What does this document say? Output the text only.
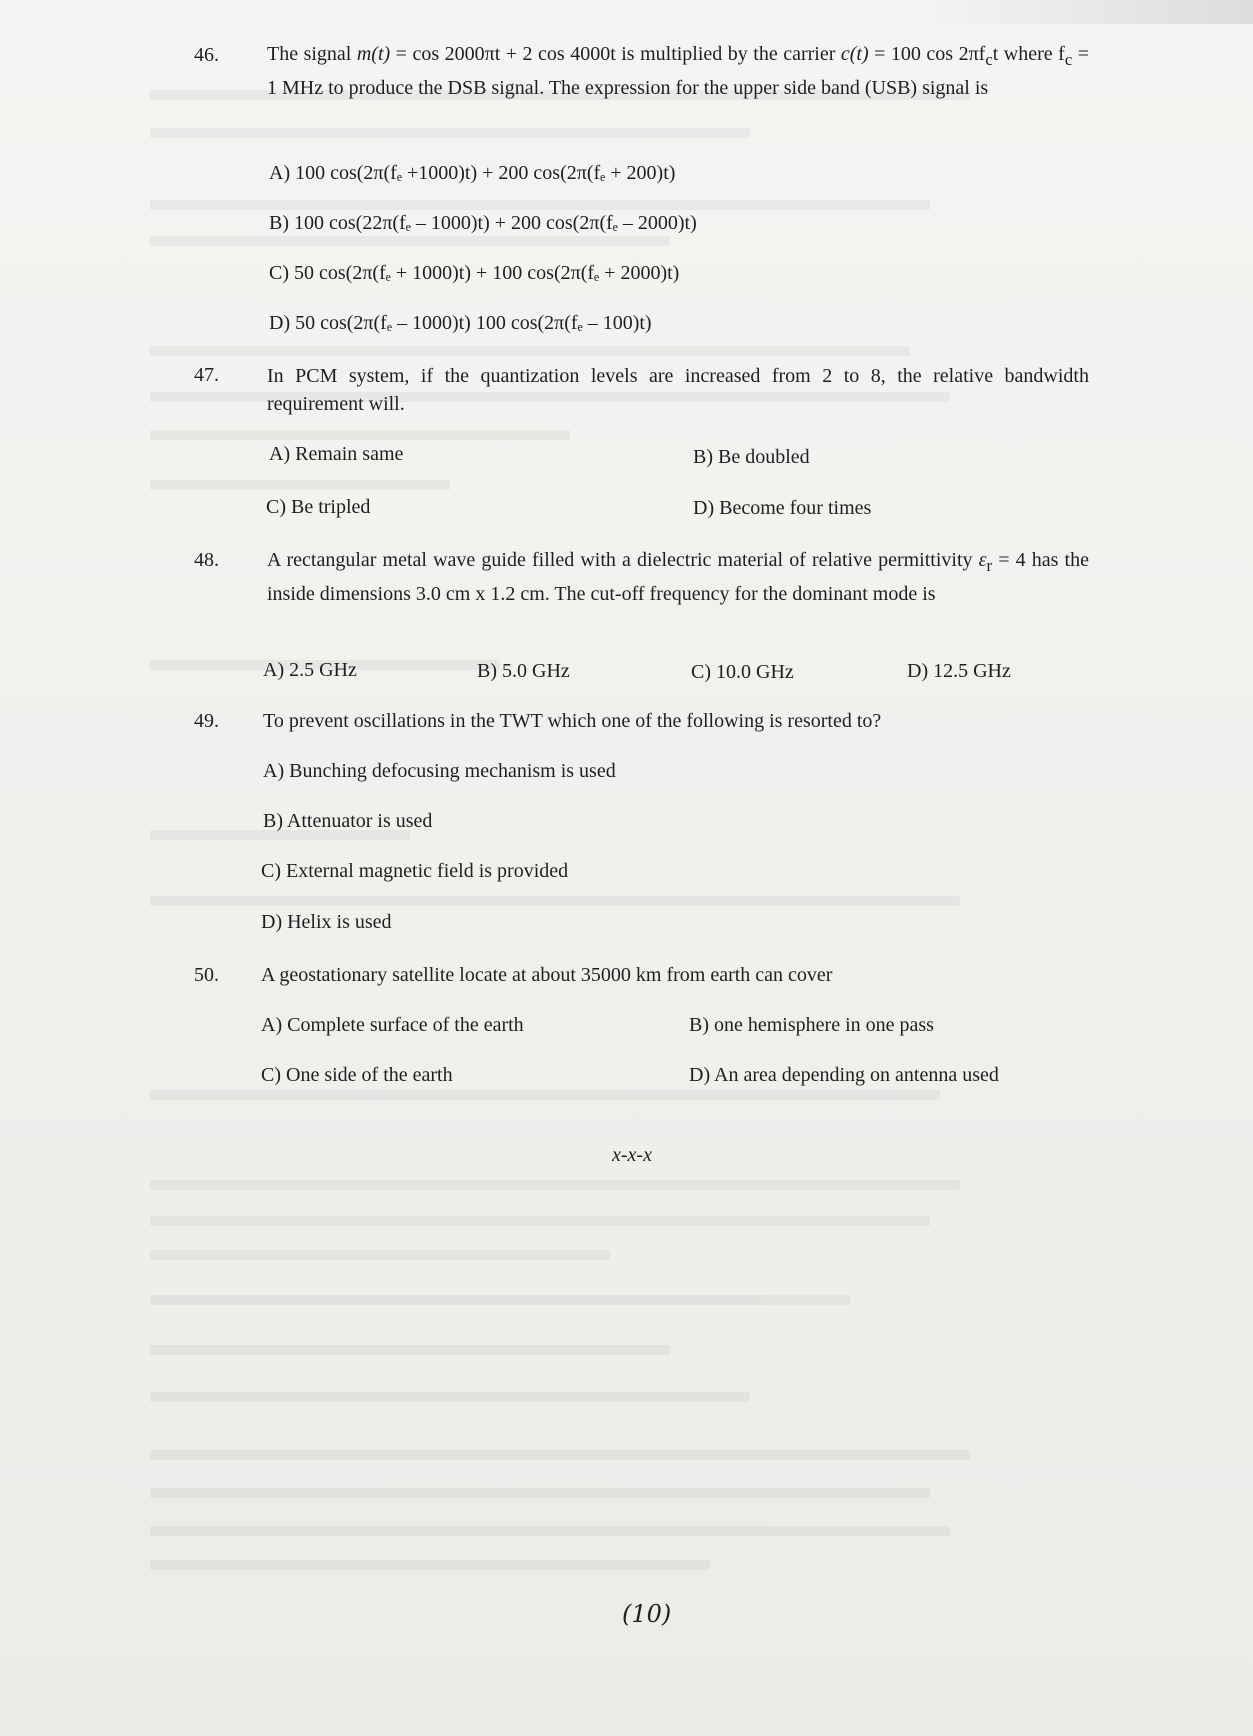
46. The signal m(t) = cos 2000πt + 2 cos 4000t is multiplied by the carrier c(t) = 100 $\cos 2\pi f_ct$ where $f_c = 1$ MHz to produce the DSB signal. The expression for the upper side band (USB) signal is
A) 100 cos(2π(fₑ +1000)t) + 200 cos(2π(fₑ + 200)t)
B) 100 cos(22π(fₑ – 1000)t) + 200 cos(2π(fₑ – 2000)t)
C) 50 cos(2π(fₑ + 1000)t) + 100 cos(2π(fₑ + 2000)t)
D) 50 cos(2π(fₑ – 1000)t) 100 cos(2π(fₑ – 100)t)
47. In PCM system, if the quantization levels are increased from 2 to 8, the relative bandwidth requirement will.
A) Remain same	B) Be doubled
C) Be tripled	D) Become four times
48. A rectangular metal wave guide filled with a dielectric material of relative permittivity $\varepsilon_r = 4$ has the inside dimensions 3.0 cm x 1.2 cm. The cut-off frequency for the dominant mode is
A) 2.5 GHz	B) 5.0 GHz	C) 10.0 GHz	D) 12.5 GHz
49. To prevent oscillations in the TWT which one of the following is resorted to?
A) Bunching defocusing mechanism is used
B) Attenuator is used
C) External magnetic field is provided
D) Helix is used
50. A geostationary satellite locate at about 35000 km from earth can cover
A) Complete surface of the earth	B) one hemisphere in one pass
C) One side of the earth	D) An area depending on antenna used
x-x-x
(10)
